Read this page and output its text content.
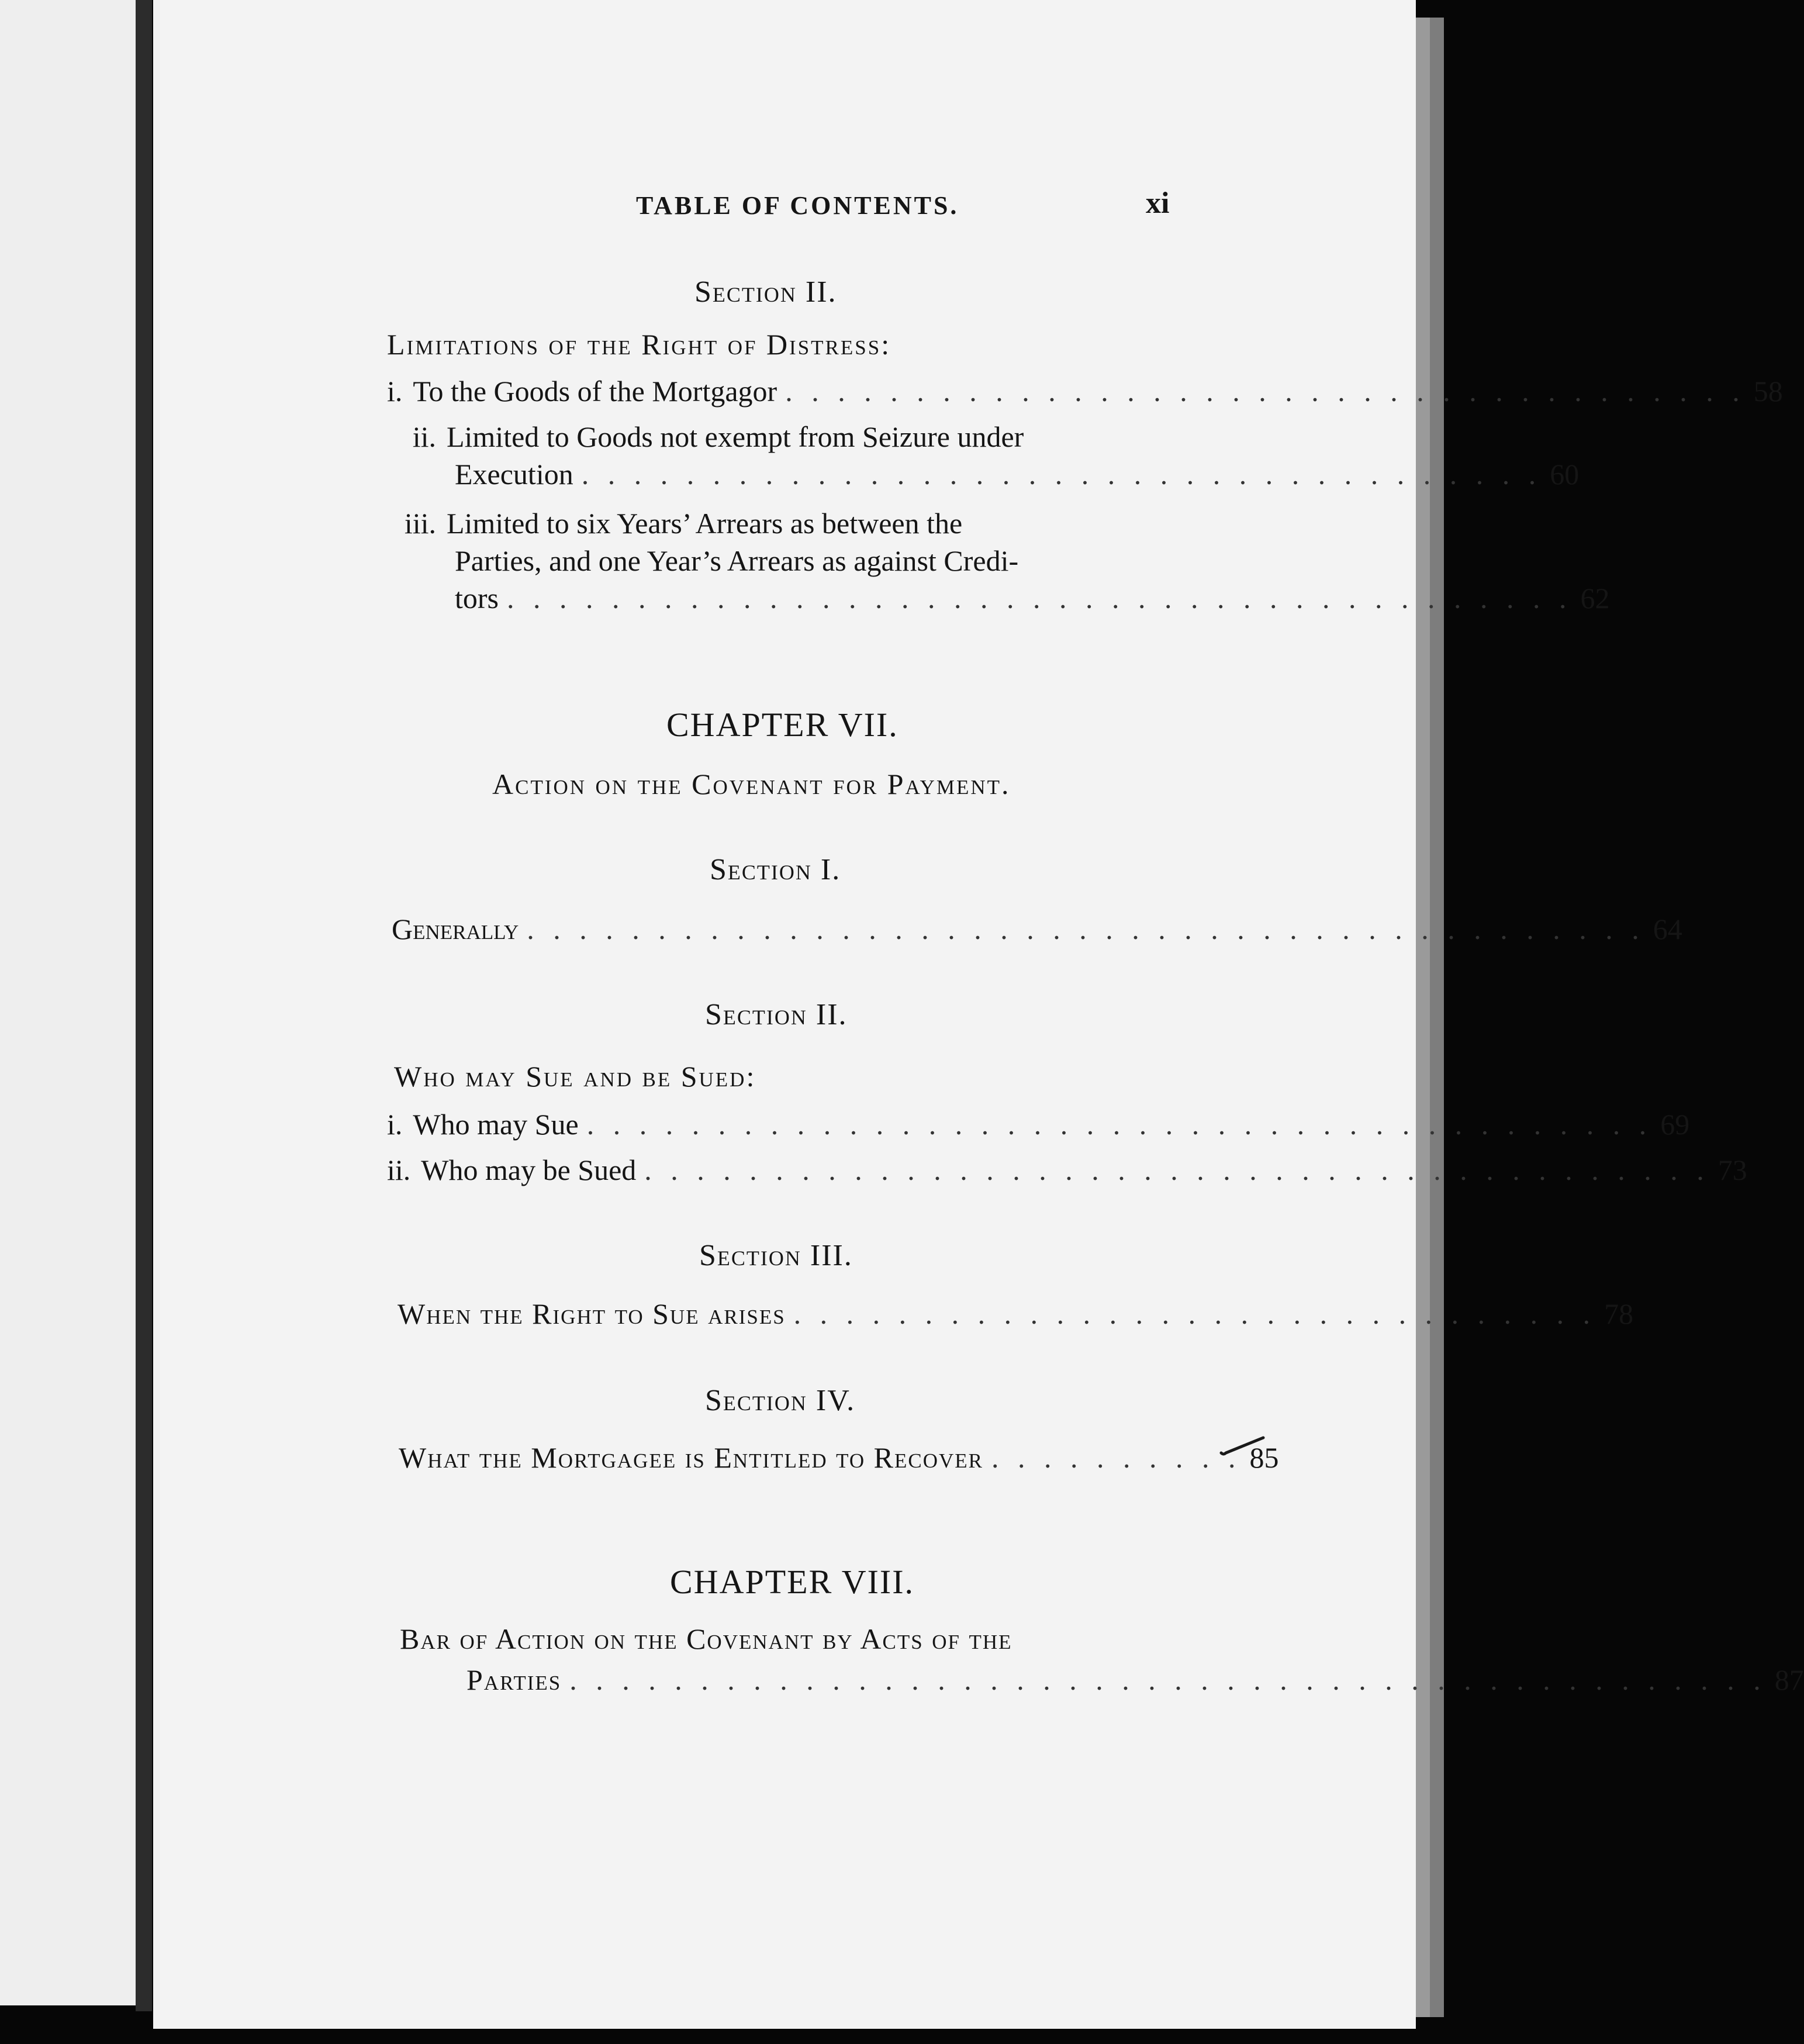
TABLE OF CONTENTS.	xi
Section II.
Limitations of the Right of Distress:
i. To the Goods of the Mortgagor . . . . . . . . . . . . . . . . . . . . . . . . . . . . . . . . . . . . . 58
ii. Limited to Goods not exempt from Seizure under
Execution . . . . . . . . . . . . . . . . . . . . . . . . . . . . . . . . . . . . . 60
iii. Limited to six Years’ Arrears as between the
Parties, and one Year’s Arrears as against Credi-
tors . . . . . . . . . . . . . . . . . . . . . . . . . . . . . . . . . . . . . . . . . 62
CHAPTER VII.
Action on the Covenant for Payment.
Section I.
Generally . . . . . . . . . . . . . . . . . . . . . . . . . . . . . . . . . . . . . . . . . . . 64
Section II.
Who may Sue and be Sued:
i. Who may Sue . . . . . . . . . . . . . . . . . . . . . . . . . . . . . . . . . . . . . . . . . 69
ii. Who may be Sued . . . . . . . . . . . . . . . . . . . . . . . . . . . . . . . . . . . . . . . . . 73
Section III.
When the Right to Sue arises . . . . . . . . . . . . . . . . . . . . . . . . . . . . . . . 78
Section IV.
What the Mortgagee is Entitled to Recover . . . . . . . . . . 85
CHAPTER VIII.
Bar of Action on the Covenant by Acts of the
Parties . . . . . . . . . . . . . . . . . . . . . . . . . . . . . . . . . . . . . . . . . . . . . . 87
